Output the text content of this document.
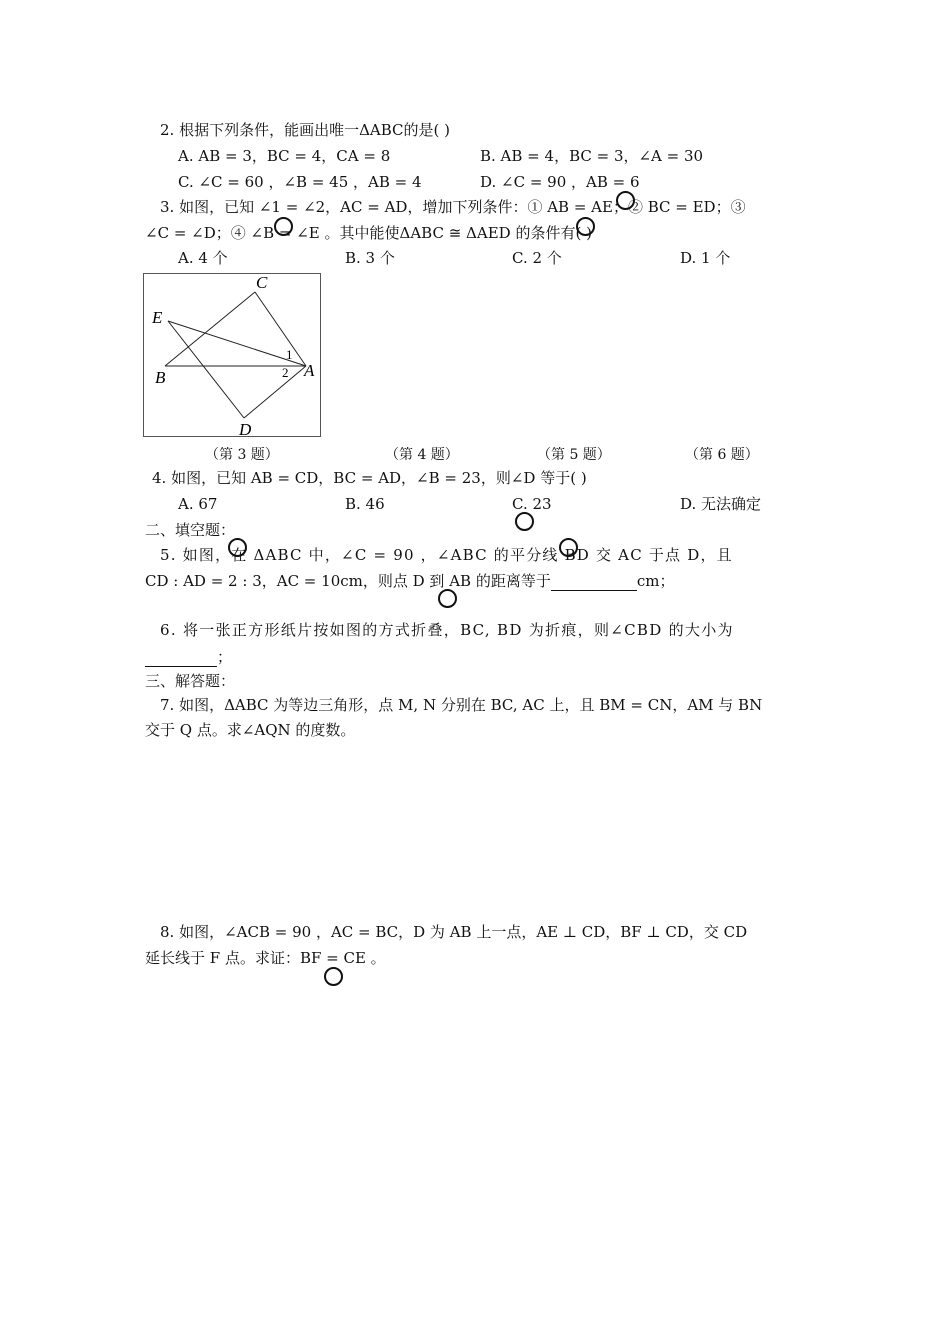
2. 根据下列条件，能画出唯一ΔABC的是( )
A. AB = 3，BC = 4，CA = 8	B. AB = 4，BC = 3，∠A = 30
C. ∠C = 60 ，∠B = 45 ，AB = 4	D. ∠C = 90 ，AB = 6
3. 如图，已知 ∠1 = ∠2，AC = AD，增加下列条件：① AB = AE；② BC = ED；③
∠C = ∠D；④ ∠B = ∠E 。其中能使ΔABC ≅ ΔAED 的条件有( )
A. 4 个	B. 3 个	C. 2 个	D. 1 个
C
E
B	A
D
1
2
（第 3 题）	（第 4 题）	（第 5 题）	（第 6 题）
4. 如图，已知 AB = CD，BC = AD，∠B = 23，则∠D 等于( )
A. 67	B. 46	C. 23	D. 无法确定
二、填空题：
5. 如图，在 ΔABC 中，∠C = 90 ，∠ABC 的平分线 BD 交 AC 于点 D，且
CD : AD = 2 : 3，AC = 10cm，则点 D 到 AB 的距离等于	cm；
6. 将一张正方形纸片按如图的方式折叠，BC, BD 为折痕，则∠CBD 的大小为
；
三、解答题：
7. 如图，ΔABC 为等边三角形，点 M, N 分别在 BC, AC 上，且 BM = CN，AM 与 BN
交于 Q 点。求∠AQN 的度数。
8. 如图，∠ACB = 90 ，AC = BC，D 为 AB 上一点，AE ⊥ CD，BF ⊥ CD，交 CD
延长线于 F 点。求证：BF = CE 。
